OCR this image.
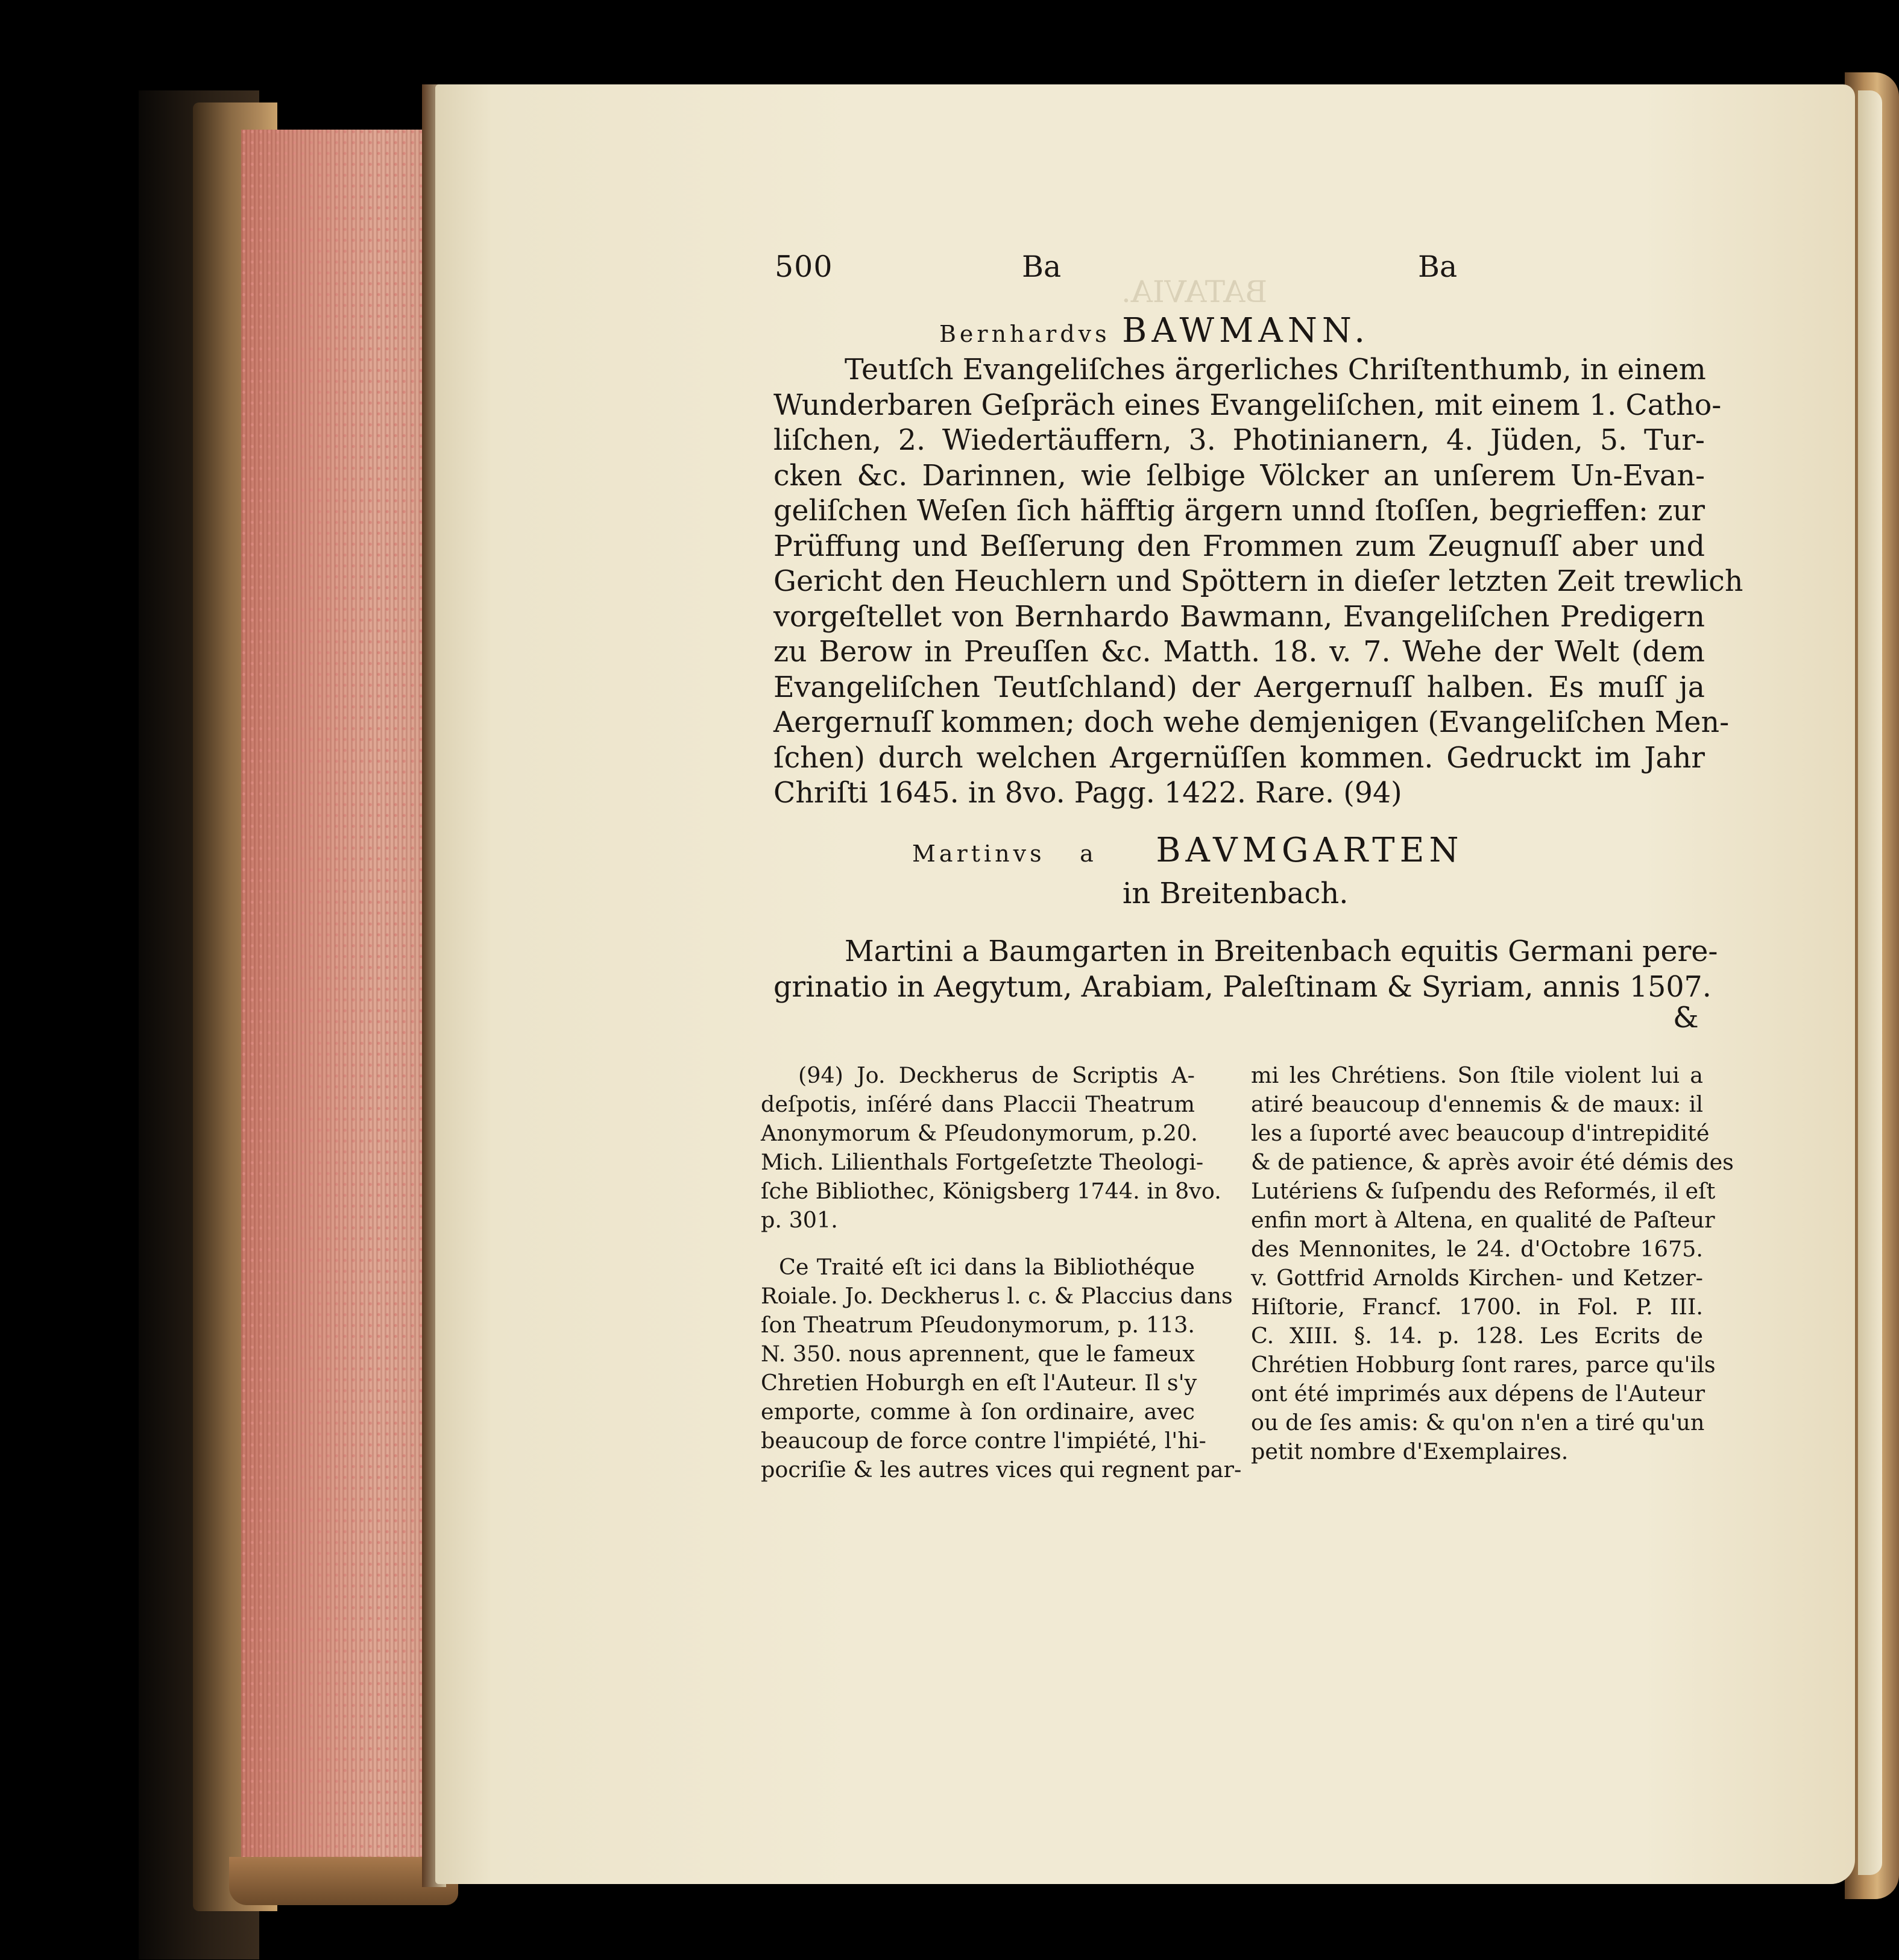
BATAVIA.
500	Ba	Ba
Bernhardvs BAWMANN.
Teutſch Evangeliſches ärgerliches Chriſtenthumb, in einem
Wunderbaren Geſpräch eines Evangeliſchen, mit einem 1. Catho-
liſchen, 2. Wiedertäuffern, 3. Photinianern, 4. Jüden, 5. Tur-
cken &c. Darinnen, wie ſelbige Völcker an unſerem Un-Evan-
geliſchen Weſen ſich häfftig ärgern unnd ſtoſſen, begrieffen: zur
Prüffung und Beſſerung den Frommen zum Zeugnuſſ aber und
Gericht den Heuchlern und Spöttern in dieſer letzten Zeit trewlich
vorgeſtellet von Bernhardo Bawmann, Evangeliſchen Predigern
zu Berow in Preuſſen &c. Matth. 18. v. 7. Wehe der Welt (dem
Evangeliſchen Teutſchland) der Aergernuſſ halben. Es muſſ ja
Aergernuſſ kommen; doch wehe demjenigen (Evangeliſchen Men-
ſchen) durch welchen Argernüſſen kommen. Gedruckt im Jahr
Chriſti 1645. in 8vo. Pagg. 1422. Rare. (94)
Martinvs a BAVMGARTEN
in Breitenbach.
Martini a Baumgarten in Breitenbach equitis Germani pere-
grinatio in Aegytum, Arabiam, Paleſtinam & Syriam, annis 1507.
&
(94) Jo. Deckherus de Scriptis A-
deſpotis, inſéré dans Placcii Theatrum
Anonymorum & Pſeudonymorum, p.20.
Mich. Lilienthals Fortgeſetzte Theologi-
ſche Bibliothec, Königsberg 1744. in 8vo.
p. 301.
Ce Traité eſt ici dans la Bibliothéque
Roiale. Jo. Deckherus l. c. & Placcius dans
ſon Theatrum Pſeudonymorum, p. 113.
N. 350. nous aprennent, que le fameux
Chretien Hoburgh en eſt l'Auteur. Il s'y
emporte, comme à ſon ordinaire, avec
beaucoup de force contre l'impiété, l'hi-
pocriſie & les autres vices qui regnent par-
mi les Chrétiens. Son ſtile violent lui a
atiré beaucoup d'ennemis & de maux: il
les a ſuporté avec beaucoup d'intrepidité
& de patience, & après avoir été démis des
Lutériens & ſuſpendu des Reformés, il eſt
enfin mort à Altena, en qualité de Paſteur
des Mennonites, le 24. d'Octobre 1675.
v. Gottfrid Arnolds Kirchen- und Ketzer-
Hiſtorie, Francf. 1700. in Fol. P. III.
C. XIII. §. 14. p. 128. Les Ecrits de
Chrétien Hobburg ſont rares, parce qu'ils
ont été imprimés aux dépens de l'Auteur
ou de ſes amis: & qu'on n'en a tiré qu'un
petit nombre d'Exemplaires.
